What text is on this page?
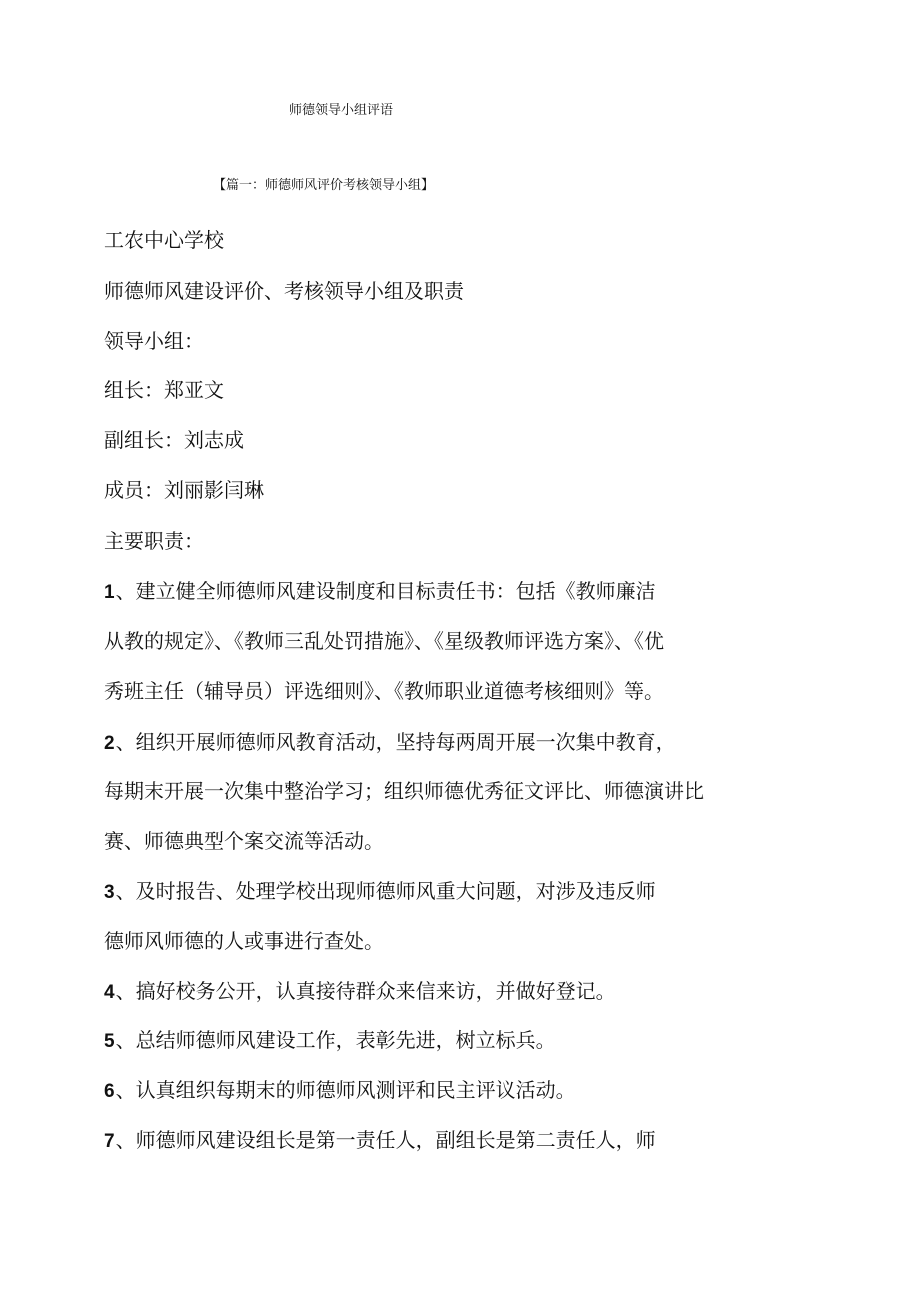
师德领导小组评语
【篇一：师德师风评价考核领导小组】
工农中心学校
师德师风建设评价、考核领导小组及职责
领导小组：
组长：郑亚文
副组长：刘志成
成员：刘丽影闫琳
主要职责：
1、建立健全师德师风建设制度和目标责任书：包括《教师廉洁
从教的规定》、《教师三乱处罚措施》、《星级教师评选方案》、《优
秀班主任（辅导员）评选细则》、《教师职业道德考核细则》等。
2、组织开展师德师风教育活动，坚持每两周开展一次集中教育，
每期末开展一次集中整治学习；组织师德优秀征文评比、师德演讲比
赛、师德典型个案交流等活动。
3、及时报告、处理学校出现师德师风重大问题，对涉及违反师
德师风师德的人或事进行查处。
4、搞好校务公开，认真接待群众来信来访，并做好登记。
5、总结师德师风建设工作，表彰先进，树立标兵。
6、认真组织每期末的师德师风测评和民主评议活动。
7、师德师风建设组长是第一责任人，副组长是第二责任人，师
